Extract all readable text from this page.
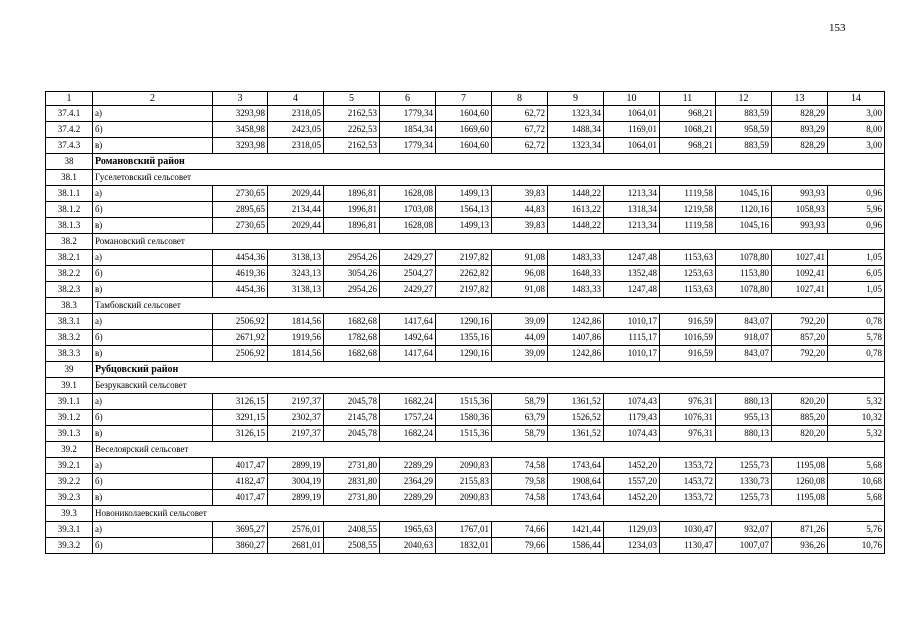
153
1	2	3	4	5	6	7	8	9	10	11	12	13	14
37.4.1	а)	3293,98	2318,05	2162,53	1779,34	1604,60	62,72	1323,34	1064,01	968,21	883,59	828,29	3,00
37.4.2	б)	3458,98	2423,05	2262,53	1854,34	1669,60	67,72	1488,34	1169,01	1068,21	958,59	893,29	8,00
37.4.3	в)	3293,98	2318,05	2162,53	1779,34	1604,60	62,72	1323,34	1064,01	968,21	883,59	828,29	3,00
38	Романовский район												
38.1	Гуселетовский сельсовет												
38.1.1	а)	2730,65	2029,44	1896,81	1628,08	1499,13	39,83	1448,22	1213,34	1119,58	1045,16	993,93	0,96
38.1.2	б)	2895,65	2134,44	1996,81	1703,08	1564,13	44,83	1613,22	1318,34	1219,58	1120,16	1058,93	5,96
38.1.3	в)	2730,65	2029,44	1896,81	1628,08	1499,13	39,83	1448,22	1213,34	1119,58	1045,16	993,93	0,96
38.2	Романовский сельсовет												
38.2.1	а)	4454,36	3138,13	2954,26	2429,27	2197,82	91,08	1483,33	1247,48	1153,63	1078,80	1027,41	1,05
38.2.2	б)	4619,36	3243,13	3054,26	2504,27	2262,82	96,08	1648,33	1352,48	1253,63	1153,80	1092,41	6,05
38.2.3	в)	4454,36	3138,13	2954,26	2429,27	2197,82	91,08	1483,33	1247,48	1153,63	1078,80	1027,41	1,05
38.3	Тамбовский сельсовет												
38.3.1	а)	2506,92	1814,56	1682,68	1417,64	1290,16	39,09	1242,86	1010,17	916,59	843,07	792,20	0,78
38.3.2	б)	2671,92	1919,56	1782,68	1492,64	1355,16	44,09	1407,86	1115,17	1016,59	918,07	857,20	5,78
38.3.3	в)	2506,92	1814,56	1682,68	1417,64	1290,16	39,09	1242,86	1010,17	916,59	843,07	792,20	0,78
39	Рубцовский район												
39.1	Безрукавский сельсовет												
39.1.1	а)	3126,15	2197,37	2045,78	1682,24	1515,36	58,79	1361,52	1074,43	976,31	880,13	820,20	5,32
39.1.2	б)	3291,15	2302,37	2145,78	1757,24	1580,36	63,79	1526,52	1179,43	1076,31	955,13	885,20	10,32
39.1.3	в)	3126,15	2197,37	2045,78	1682,24	1515,36	58,79	1361,52	1074,43	976,31	880,13	820,20	5,32
39.2	Веселоярский сельсовет												
39.2.1	а)	4017,47	2899,19	2731,80	2289,29	2090,83	74,58	1743,64	1452,20	1353,72	1255,73	1195,08	5,68
39.2.2	б)	4182,47	3004,19	2831,80	2364,29	2155,83	79,58	1908,64	1557,20	1453,72	1330,73	1260,08	10,68
39.2.3	в)	4017,47	2899,19	2731,80	2289,29	2090,83	74,58	1743,64	1452,20	1353,72	1255,73	1195,08	5,68
39.3	Новониколаевский сельсовет												
39.3.1	а)	3695,27	2576,01	2408,55	1965,63	1767,01	74,66	1421,44	1129,03	1030,47	932,07	871,26	5,76
39.3.2	б)	3860,27	2681,01	2508,55	2040,63	1832,01	79,66	1586,44	1234,03	1130,47	1007,07	936,26	10,76
